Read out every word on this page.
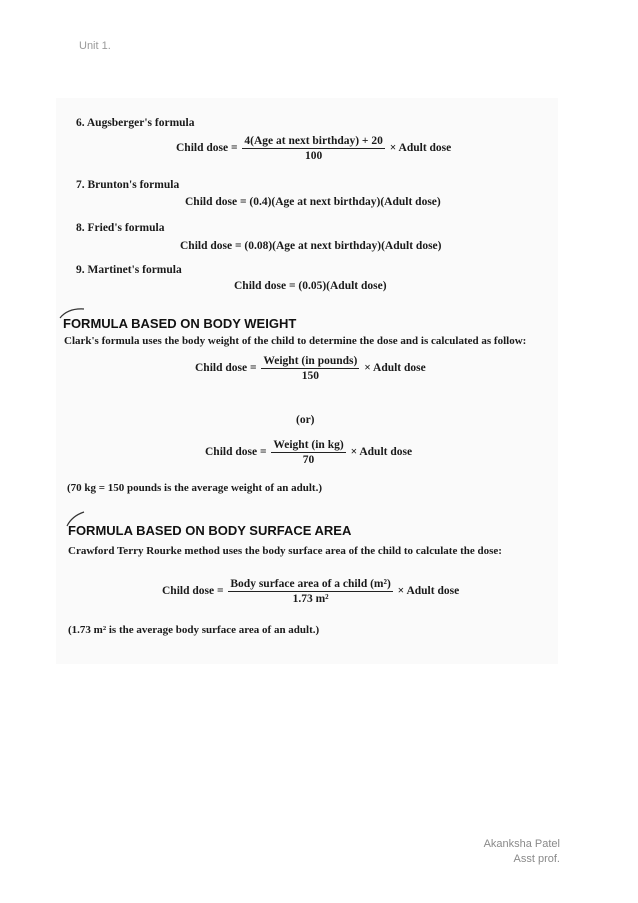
Unit 1.
6. Augsberger's formula
Child dose = $\frac{\text{4(Age at next birthday) + 20}}{100}$ × Adult dose
7. Brunton's formula
Child dose = (0.4)(Age at next birthday)(Adult dose)
8. Fried's formula
Child dose = (0.08)(Age at next birthday)(Adult dose)
9. Martinet's formula
Child dose = (0.05)(Adult dose)
FORMULA BASED ON BODY WEIGHT
Clark's formula uses the body weight of the child to determine the dose and is calculated as follow:
Child dose = $\frac{\text{Weight (in pounds)}}{150}$ × Adult dose
(or)
Child dose = $\frac{\text{Weight (in kg)}}{70}$ × Adult dose
(70 kg = 150 pounds is the average weight of an adult.)
FORMULA BASED ON BODY SURFACE AREA
Crawford Terry Rourke method uses the body surface area of the child to calculate the dose:
Child dose = $\frac{\text{Body surface area of a child (m²)}}{\text{1.73 m²}}$ × Adult dose
(1.73 m² is the average body surface area of an adult.)
Akanksha Patel
Asst prof.
